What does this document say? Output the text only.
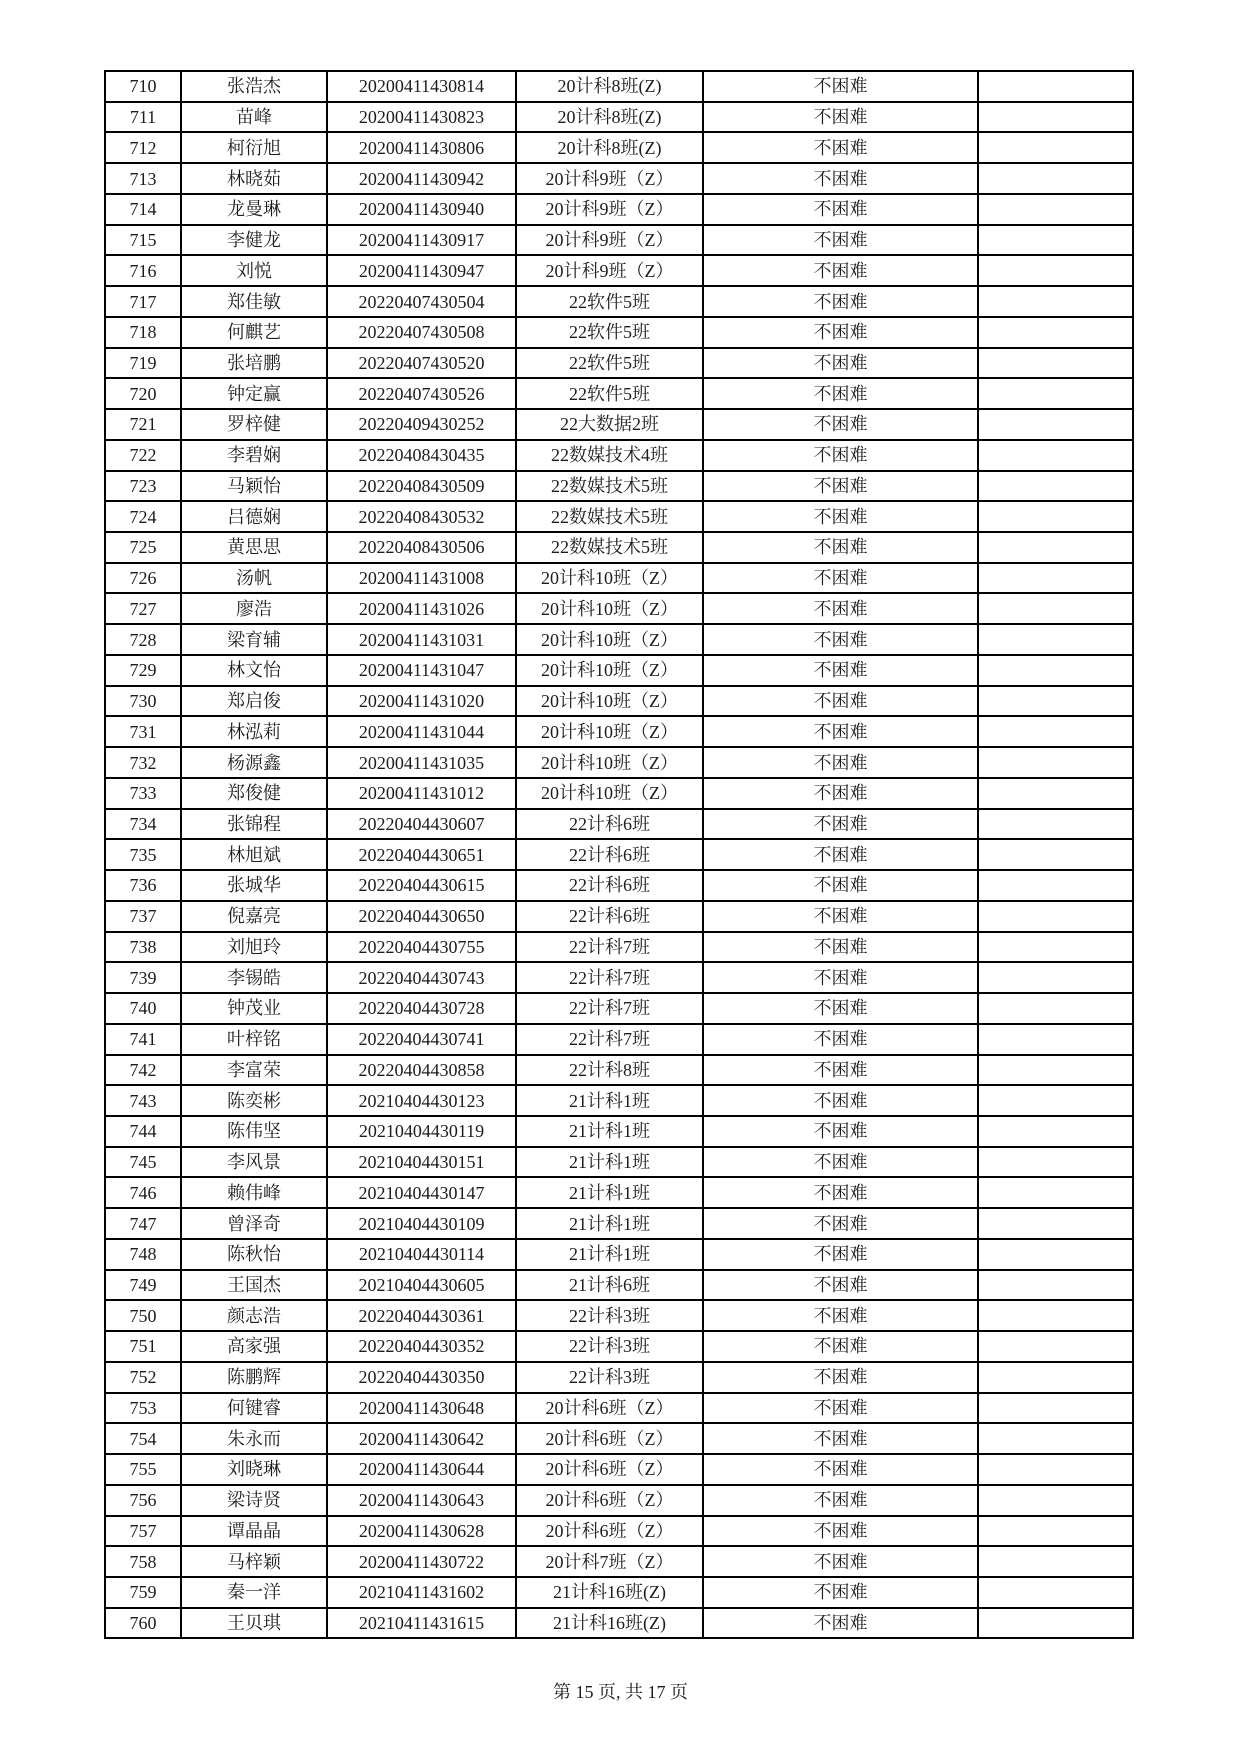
710	张浩杰	20200411430814	20计科8班(Z)	不困难	
711	苗峰	20200411430823	20计科8班(Z)	不困难	
712	柯衍旭	20200411430806	20计科8班(Z)	不困难	
713	林晓茹	20200411430942	20计科9班（Z）	不困难	
714	龙曼琳	20200411430940	20计科9班（Z）	不困难	
715	李健龙	20200411430917	20计科9班（Z）	不困难	
716	刘悦	20200411430947	20计科9班（Z）	不困难	
717	郑佳敏	20220407430504	22软件5班	不困难	
718	何麒艺	20220407430508	22软件5班	不困难	
719	张培鹏	20220407430520	22软件5班	不困难	
720	钟定赢	20220407430526	22软件5班	不困难	
721	罗梓健	20220409430252	22大数据2班	不困难	
722	李碧娴	20220408430435	22数媒技术4班	不困难	
723	马颖怡	20220408430509	22数媒技术5班	不困难	
724	吕德娴	20220408430532	22数媒技术5班	不困难	
725	黄思思	20220408430506	22数媒技术5班	不困难	
726	汤帆	20200411431008	20计科10班（Z）	不困难	
727	廖浩	20200411431026	20计科10班（Z）	不困难	
728	梁育辅	20200411431031	20计科10班（Z）	不困难	
729	林文怡	20200411431047	20计科10班（Z）	不困难	
730	郑启俊	20200411431020	20计科10班（Z）	不困难	
731	林泓莉	20200411431044	20计科10班（Z）	不困难	
732	杨源鑫	20200411431035	20计科10班（Z）	不困难	
733	郑俊健	20200411431012	20计科10班（Z）	不困难	
734	张锦程	20220404430607	22计科6班	不困难	
735	林旭斌	20220404430651	22计科6班	不困难	
736	张城华	20220404430615	22计科6班	不困难	
737	倪嘉亮	20220404430650	22计科6班	不困难	
738	刘旭玲	20220404430755	22计科7班	不困难	
739	李锡皓	20220404430743	22计科7班	不困难	
740	钟茂业	20220404430728	22计科7班	不困难	
741	叶梓铭	20220404430741	22计科7班	不困难	
742	李富荣	20220404430858	22计科8班	不困难	
743	陈奕彬	20210404430123	21计科1班	不困难	
744	陈伟坚	20210404430119	21计科1班	不困难	
745	李风景	20210404430151	21计科1班	不困难	
746	赖伟峰	20210404430147	21计科1班	不困难	
747	曾泽奇	20210404430109	21计科1班	不困难	
748	陈秋怡	20210404430114	21计科1班	不困难	
749	王国杰	20210404430605	21计科6班	不困难	
750	颜志浩	20220404430361	22计科3班	不困难	
751	高家强	20220404430352	22计科3班	不困难	
752	陈鹏辉	20220404430350	22计科3班	不困难	
753	何键睿	20200411430648	20计科6班（Z）	不困难	
754	朱永而	20200411430642	20计科6班（Z）	不困难	
755	刘晓琳	20200411430644	20计科6班（Z）	不困难	
756	梁诗贤	20200411430643	20计科6班（Z）	不困难	
757	谭晶晶	20200411430628	20计科6班（Z）	不困难	
758	马梓颖	20200411430722	20计科7班（Z）	不困难	
759	秦一洋	20210411431602	21计科16班(Z)	不困难	
760	王贝琪	20210411431615	21计科16班(Z)	不困难	
第 15 页, 共 17 页
